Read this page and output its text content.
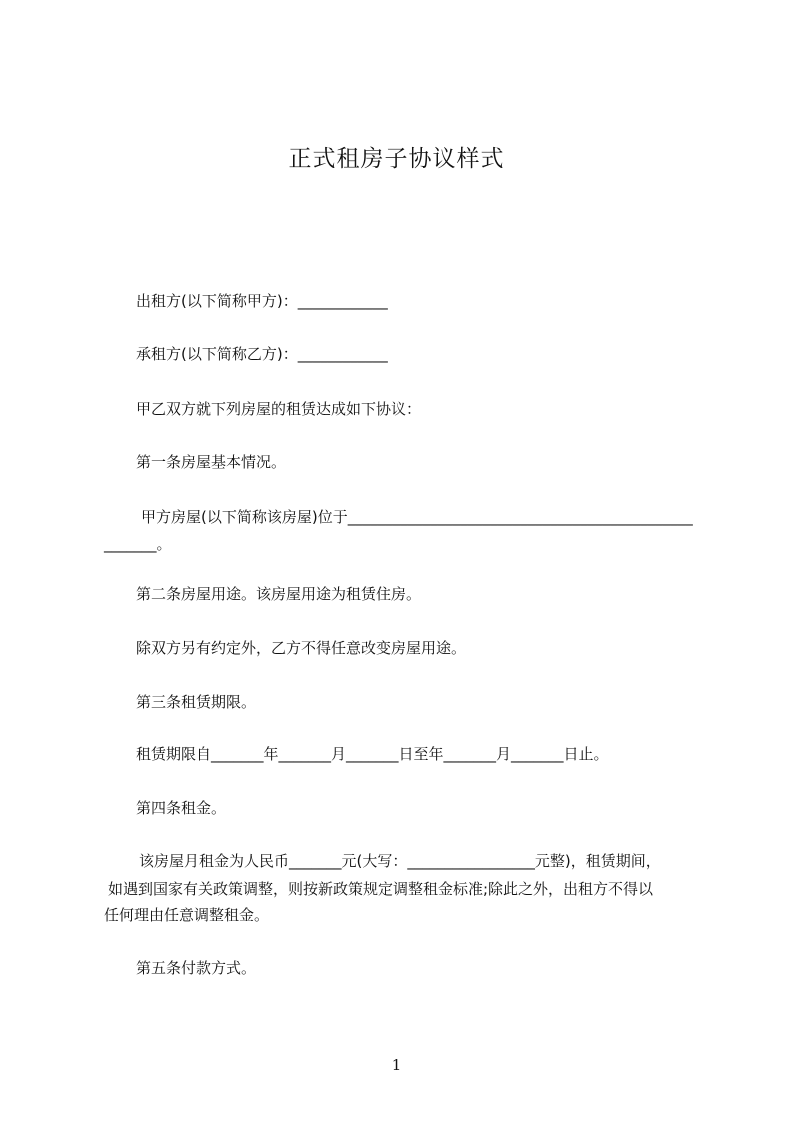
正式租房子协议样式

出租方(以下简称甲方)：____________

承租方(以下简称乙方)：____________

甲乙双方就下列房屋的租赁达成如下协议：

第一条房屋基本情况。

甲方房屋(以下简称该房屋)位于______________________________________________

_______。

第二条房屋用途。该房屋用途为租赁住房。

除双方另有约定外，乙方不得任意改变房屋用途。

第三条租赁期限。

租赁期限自_______年_______月_______日至年_______月_______日止。

第四条租金。

该房屋月租金为人民币_______元(大写：_________________元整)，租赁期间，

如遇到国家有关政策调整，则按新政策规定调整租金标准;除此之外，出租方不得以

任何理由任意调整租金。

第五条付款方式。

1
